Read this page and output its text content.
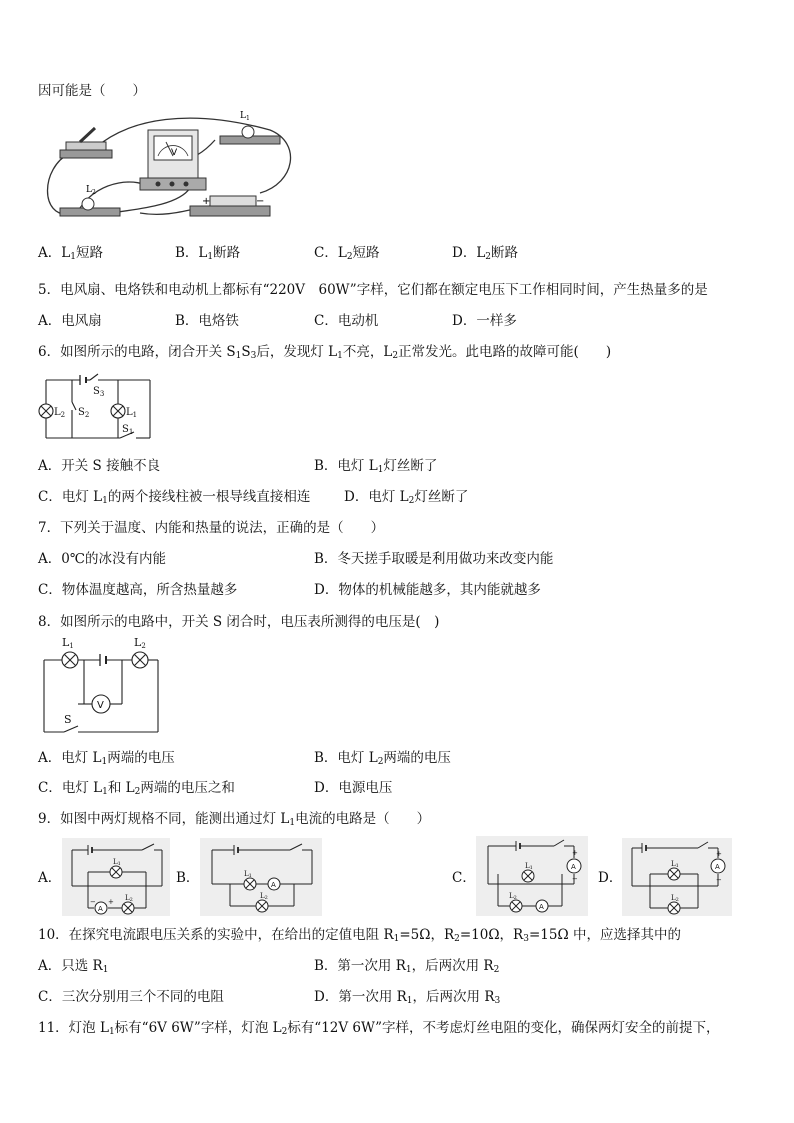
因可能是（　　）
V
$L_1$
$L_2$
+	−
A．$L_1$短路	B．$L_1$断路	C．$L_2$短路	D．$L_2$断路
5．电风扇、电烙铁和电动机上都标有“220V　60W”字样，它们都在额定电压下工作相同时间，产生热量多的是
A．电风扇	B．电烙铁	C．电动机	D．一样多
6．如图所示的电路，闭合开关 $S_1S_3$后，发现灯 $L_1$不亮，$L_2$正常发光。此电路的故障可能(　　)
$L_2$ $S_2$	$L_1$
$S_3$
$S_1$
A．开关 S 接触不良	B．电灯 $L_1$灯丝断了
C．电灯 $L_1$的两个接线柱被一根导线直接相连 D．电灯 $L_2$灯丝断了
7．下列关于温度、内能和热量的说法，正确的是（　　）
A．0℃的冰没有内能	B．冬天搓手取暖是利用做功来改变内能
C．物体温度越高，所含热量越多	D．物体的机械能越多，其内能就越多
8．如图所示的电路中，开关 S 闭合时，电压表所测得的电压是(　)
L1	L2
V
S
A．电灯 $L_1$两端的电压	B．电灯 $L_2$两端的电压
C．电灯 $L_1$和 $L_2$两端的电压之和	D．电源电压
9．如图中两灯规格不同，能测出通过灯 $L_1$电流的电路是（　　）
A．
L1
L2
A
+
−
B．	L1
L2
A	C．
L1
L2
A
A
+
− D．
L1
L2
A
+
−
10．在探究电流跟电压关系的实验中，在给出的定值电阻 $R_1=5\Omega$，$R_2=10\Omega$，$R_3=15\Omega$ 中，应选择其中的
A．只选 $R_1$	B．第一次用 $R_1$，后两次用 $R_2$
C．三次分别用三个不同的电阻	D．第一次用 $R_1$，后两次用 $R_3$
11．灯泡 $L_1$标有“6V 6W”字样，灯泡 $L_2$标有“12V 6W”字样，不考虑灯丝电阻的变化，确保两灯安全的前提下，
